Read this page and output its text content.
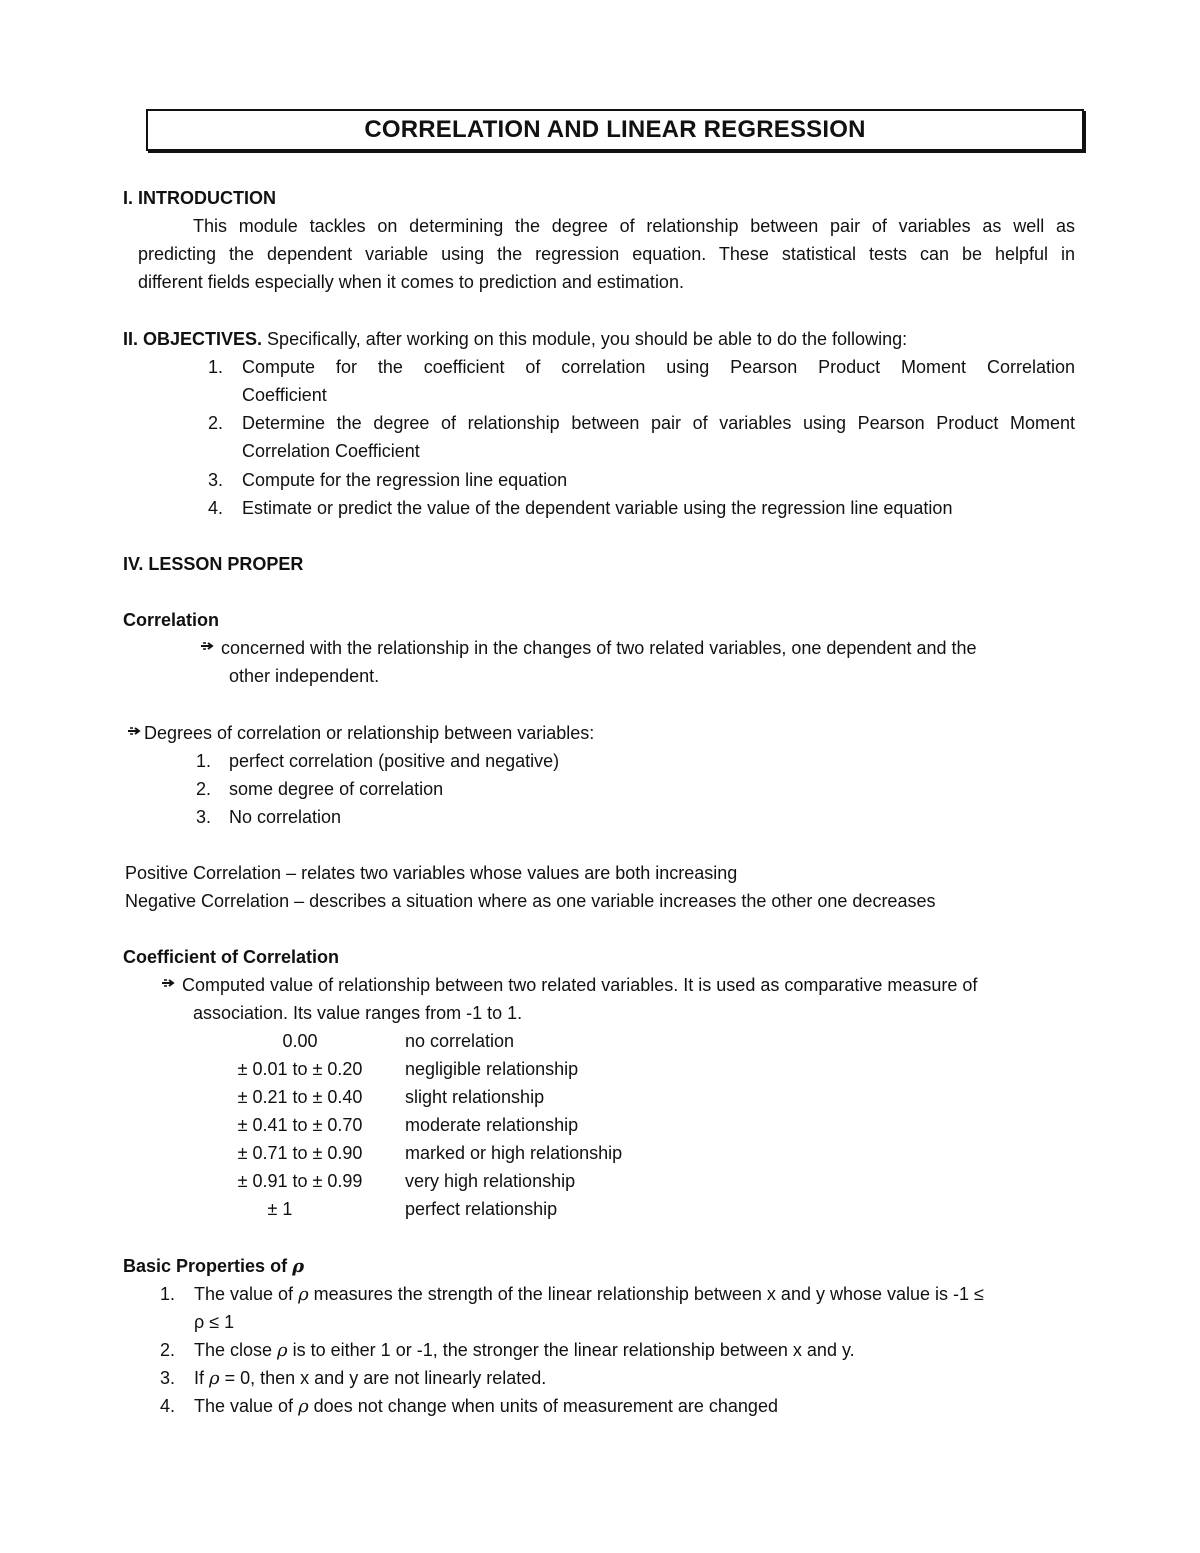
CORRELATION AND LINEAR REGRESSION
I. INTRODUCTION
This module tackles on determining the degree of relationship between pair of variables as well as
predicting the dependent variable using the regression equation. These statistical tests can be helpful in
different fields especially when it comes to prediction and estimation.
II. OBJECTIVES. Specifically, after working on this module, you should be able to do the following:
1. Compute for the coefficient of correlation using Pearson Product Moment Correlation
Coefficient
2. Determine the degree of relationship between pair of variables using Pearson Product Moment
Correlation Coefficient
3. Compute for the regression line equation
4. Estimate or predict the value of the dependent variable using the regression line equation
IV. LESSON PROPER
Correlation
concerned with the relationship in the changes of two related variables, one dependent and the
other independent.
Degrees of correlation or relationship between variables:
1. perfect correlation (positive and negative)
2. some degree of correlation
3. No correlation
Positive Correlation – relates two variables whose values are both increasing
Negative Correlation – describes a situation where as one variable increases the other one decreases
Coefficient of Correlation
Computed value of relationship between two related variables. It is used as comparative measure of
association. Its value ranges from -1 to 1.
0.00	no correlation
± 0.01 to ± 0.20	negligible relationship
± 0.21 to ± 0.40	slight relationship
± 0.41 to ± 0.70	moderate relationship
± 0.71 to ± 0.90	marked or high relationship
± 0.91 to ± 0.99	very high relationship
± 1	perfect relationship
Basic Properties of ρ
1. The value of ρ measures the strength of the linear relationship between x and y whose value is -1 ≤
ρ ≤ 1
2. The close ρ is to either 1 or -1, the stronger the linear relationship between x and y.
3. If ρ = 0, then x and y are not linearly related.
4. The value of ρ does not change when units of measurement are changed
